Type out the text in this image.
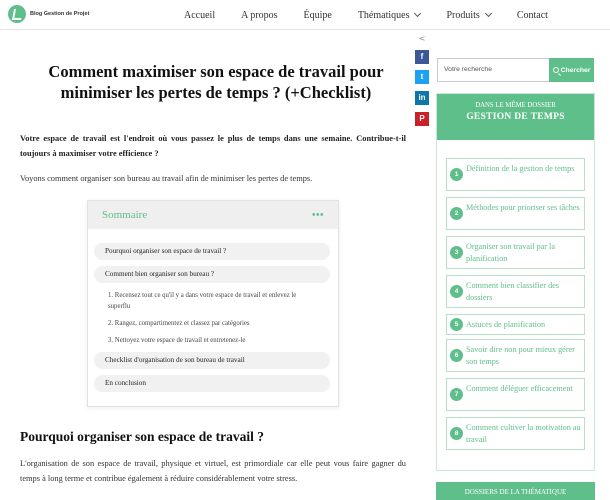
Blog Gestion de Projet	Accueil	A propos	Équipe	Thématiques	Produits	Contact
Comment maximiser son espace de travail pour minimiser les pertes de temps ? (+Checklist)

Votre espace de travail est l'endroit où vous passez le plus de temps dans une semaine. Contribue-t-il toujours à maximiser votre efficience ?

Voyons comment organiser son bureau au travail afin de minimiser les pertes de temps.

Sommaire	•••
Pourquoi organiser son espace de travail ?
Comment bien organiser son bureau ?
1. Recensez tout ce qu'il y a dans votre espace de travail et enlevez le superflu
2. Rangez, compartimentez et classez par catégories
3. Nettoyez votre espace de travail et entretenez-le
Checklist d'organisation de son bureau de travail
En conclusion
Pourquoi organiser son espace de travail ?

L'organisation de son espace de travail, physique et virtuel, est primordiale car elle peut vous faire gagner du temps à long terme et contribue également à réduire considérablement votre stress.

<
f
t
in
P
Votre recherche	Chercher
DANS LE MÊME DOSSIER
GESTION DE TEMPS
1
Définition de la gestion de temps
2
Méthodes pour prioriser ses tâches
3
Organiser son travail par la planification
4
Comment bien classifier des dossiers
5 Astuces de planification
6
Savoir dire non pour mieux gérer son temps
7
Comment déléguer efficacement
8
Comment cultiver la motivation au travail
DOSSIERS DE LA THÉMATIQUE
